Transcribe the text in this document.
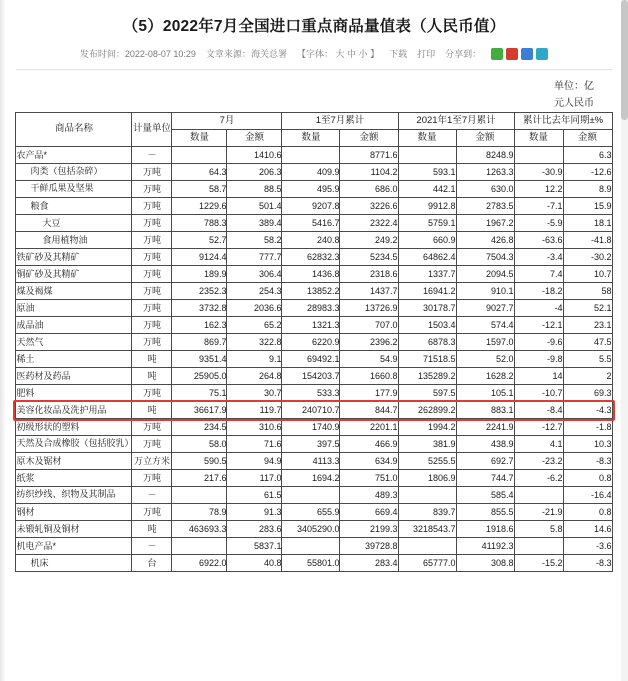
（5）2022年7月全国进口重点商品量值表（人民币值）
发布时间：2022-08-07 10:29 文章来源：海关总署 【字体： 大 中 小 】 下载 打印 分享到：
单位：亿
元人民币
商品名称	计量单位	7月		1至7月累计		2021年1至7月累计		累计比去年同期±%	
		数量	金额	数量	金额	数量	金额	数量	金额
农产品*	－		1410.6		8771.6		8248.9		6.3
肉类（包括杂碎）	万吨	64.3	206.3	409.9	1104.2	593.1	1263.3	-30.9	-12.6
干鲜瓜果及坚果	万吨	58.7	88.5	495.9	686.0	442.1	630.0	12.2	8.9
粮食	万吨	1229.6	501.4	9207.8	3226.6	9912.8	2783.5	-7.1	15.9
大豆	万吨	788.3	389.4	5416.7	2322.4	5759.1	1967.2	-5.9	18.1
食用植物油	万吨	52.7	58.2	240.8	249.2	660.9	426.8	-63.6	-41.8
铁矿砂及其精矿	万吨	9124.4	777.7	62832.3	5234.5	64862.4	7504.3	-3.4	-30.2
铜矿砂及其精矿	万吨	189.9	306.4	1436.8	2318.6	1337.7	2094.5	7.4	10.7
煤及褐煤	万吨	2352.3	254.3	13852.2	1437.7	16941.2	910.1	-18.2	58
原油	万吨	3732.8	2036.6	28983.3	13726.9	30178.7	9027.7	-4	52.1
成品油	万吨	162.3	65.2	1321.3	707.0	1503.4	574.4	-12.1	23.1
天然气	万吨	869.7	322.8	6220.9	2396.2	6878.3	1597.0	-9.6	47.5
稀土	吨	9351.4	9.1	69492.1	54.9	71518.5	52.0	-9.8	5.5
医药材及药品	吨	25905.0	264.8	154203.7	1660.8	135289.2	1628.2	14	2
肥料	万吨	75.1	30.7	533.3	177.9	597.5	105.1	-10.7	69.3
美容化妆品及洗护用品	吨	36617.9	119.7	240710.7	844.7	262899.2	883.1	-8.4	-4.3
初级形状的塑料	万吨	234.5	310.6	1740.9	2201.1	1994.2	2241.9	-12.7	-1.8
天然及合成橡胶（包括胶乳）	万吨	58.0	71.6	397.5	466.9	381.9	438.9	4.1	10.3
原木及锯材	万立方米	590.5	94.9	4113.3	634.9	5255.5	692.7	-23.2	-8.3
纸浆	万吨	217.6	117.0	1694.2	751.0	1806.9	744.7	-6.2	0.8
纺织纱线、织物及其制品	－		61.5		489.3		585.4		-16.4
钢材	万吨	78.9	91.3	655.9	669.4	839.7	855.5	-21.9	0.8
未锻轧铜及铜材	吨	463693.3	283.6	3405290.0	2199.3	3218543.7	1918.6	5.8	14.6
机电产品*	－		5837.1		39728.8		41192.3		-3.6
机床	台	6922.0	40.8	55801.0	283.4	65777.0	308.8	-15.2	-8.3
